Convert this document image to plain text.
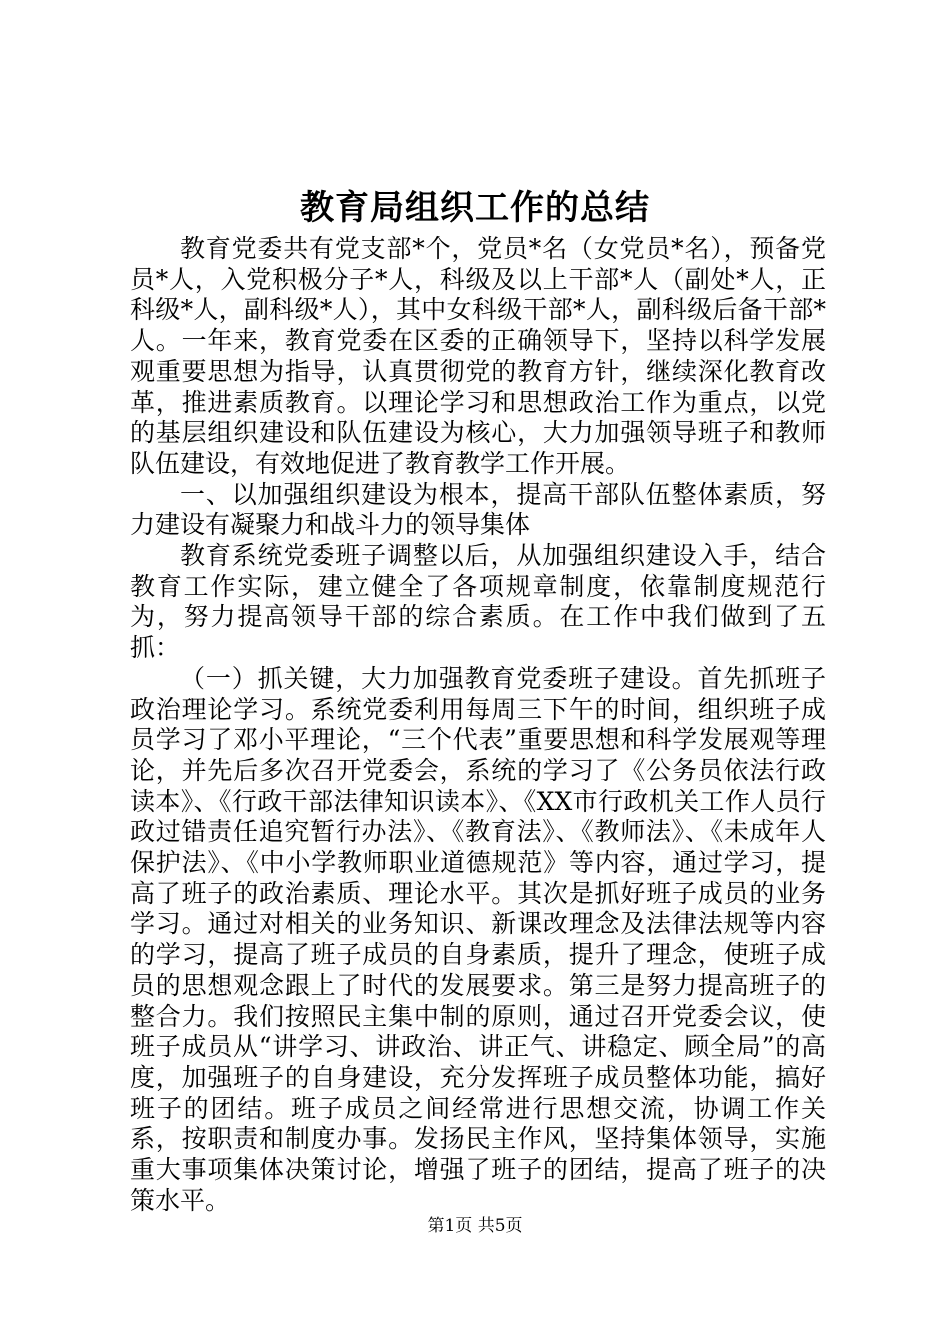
教育局组织工作的总结

教育党委共有党支部*个，党员*名（女党员*名），预备党员*人，入党积极分子*人，科级及以上干部*人（副处*人，正科级*人，副科级*人），其中女科级干部*人，副科级后备干部*人。一年来，教育党委在区委的正确领导下，坚持以科学发展观重要思想为指导，认真贯彻党的教育方针，继续深化教育改革，推进素质教育。以理论学习和思想政治工作为重点，以党的基层组织建设和队伍建设为核心，大力加强领导班子和教师队伍建设，有效地促进了教育教学工作开展。

一、以加强组织建设为根本，提高干部队伍整体素质，努力建设有凝聚力和战斗力的领导集体

教育系统党委班子调整以后，从加强组织建设入手，结合教育工作实际，建立健全了各项规章制度，依靠制度规范行为，努力提高领导干部的综合素质。在工作中我们做到了五抓：

（一）抓关键，大力加强教育党委班子建设。首先抓班子政治理论学习。系统党委利用每周三下午的时间，组织班子成员学习了邓小平理论，“三个代表”重要思想和科学发展观等理论，并先后多次召开党委会，系统的学习了《公务员依法行政读本》、《行政干部法律知识读本》、《XX市行政机关工作人员行政过错责任追究暂行办法》、《教育法》、《教师法》、《未成年人保护法》、《中小学教师职业道德规范》等内容，通过学习，提高了班子的政治素质、理论水平。其次是抓好班子成员的业务学习。通过对相关的业务知识、新课改理念及法律法规等内容的学习，提高了班子成员的自身素质，提升了理念，使班子成员的思想观念跟上了时代的发展要求。第三是努力提高班子的整合力。我们按照民主集中制的原则，通过召开党委会议，使班子成员从“讲学习、讲政治、讲正气、讲稳定、顾全局”的高度，加强班子的自身建设，充分发挥班子成员整体功能，搞好班子的团结。班子成员之间经常进行思想交流，协调工作关系，按职责和制度办事。发扬民主作风，坚持集体领导，实施重大事项集体决策讨论，增强了班子的团结，提高了班子的决策水平。

第1页 共5页
